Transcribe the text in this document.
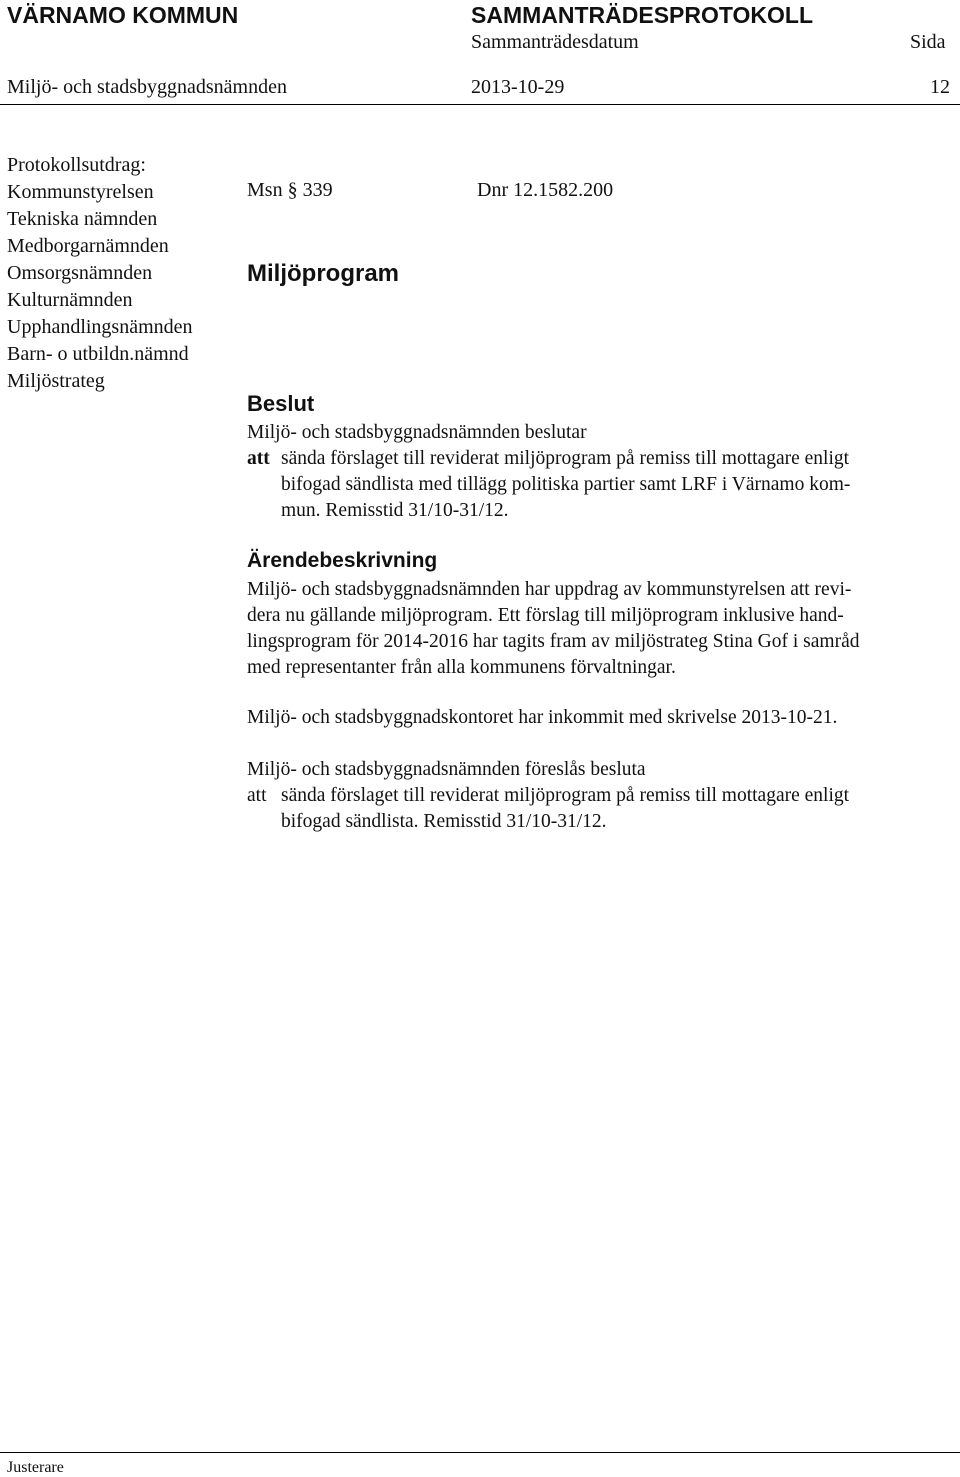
VÄRNAMO KOMMUN	SAMMANTRÄDESPROTOKOLL
Sammanträdesdatum	Sida
Miljö- och stadsbyggnadsnämnden	2013-10-29	12
Protokollsutdrag:
Kommunstyrelsen
Tekniska nämnden
Medborgarnämnden
Omsorgsnämnden
Kulturnämnden
Upphandlingsnämnden
Barn- o utbildn.nämnd
Miljöstrateg
Msn § 339	Dnr 12.1582.200
Miljöprogram
Beslut
Miljö- och stadsbyggnadsnämnden beslutar
att sända förslaget till reviderat miljöprogram på remiss till mottagare enligt
bifogad sändlista med tillägg politiska partier samt LRF i Värnamo kom-
mun. Remisstid 31/10-31/12.
Ärendebeskrivning
Miljö- och stadsbyggnadsnämnden har uppdrag av kommunstyrelsen att revi-
dera nu gällande miljöprogram. Ett förslag till miljöprogram inklusive hand-
lingsprogram för 2014-2016 har tagits fram av miljöstrateg Stina Gof i samråd
med representanter från alla kommunens förvaltningar.
Miljö- och stadsbyggnadskontoret har inkommit med skrivelse 2013-10-21.
Miljö- och stadsbyggnadsnämnden föreslås besluta
att sända förslaget till reviderat miljöprogram på remiss till mottagare enligt
bifogad sändlista. Remisstid 31/10-31/12.
Justerare
